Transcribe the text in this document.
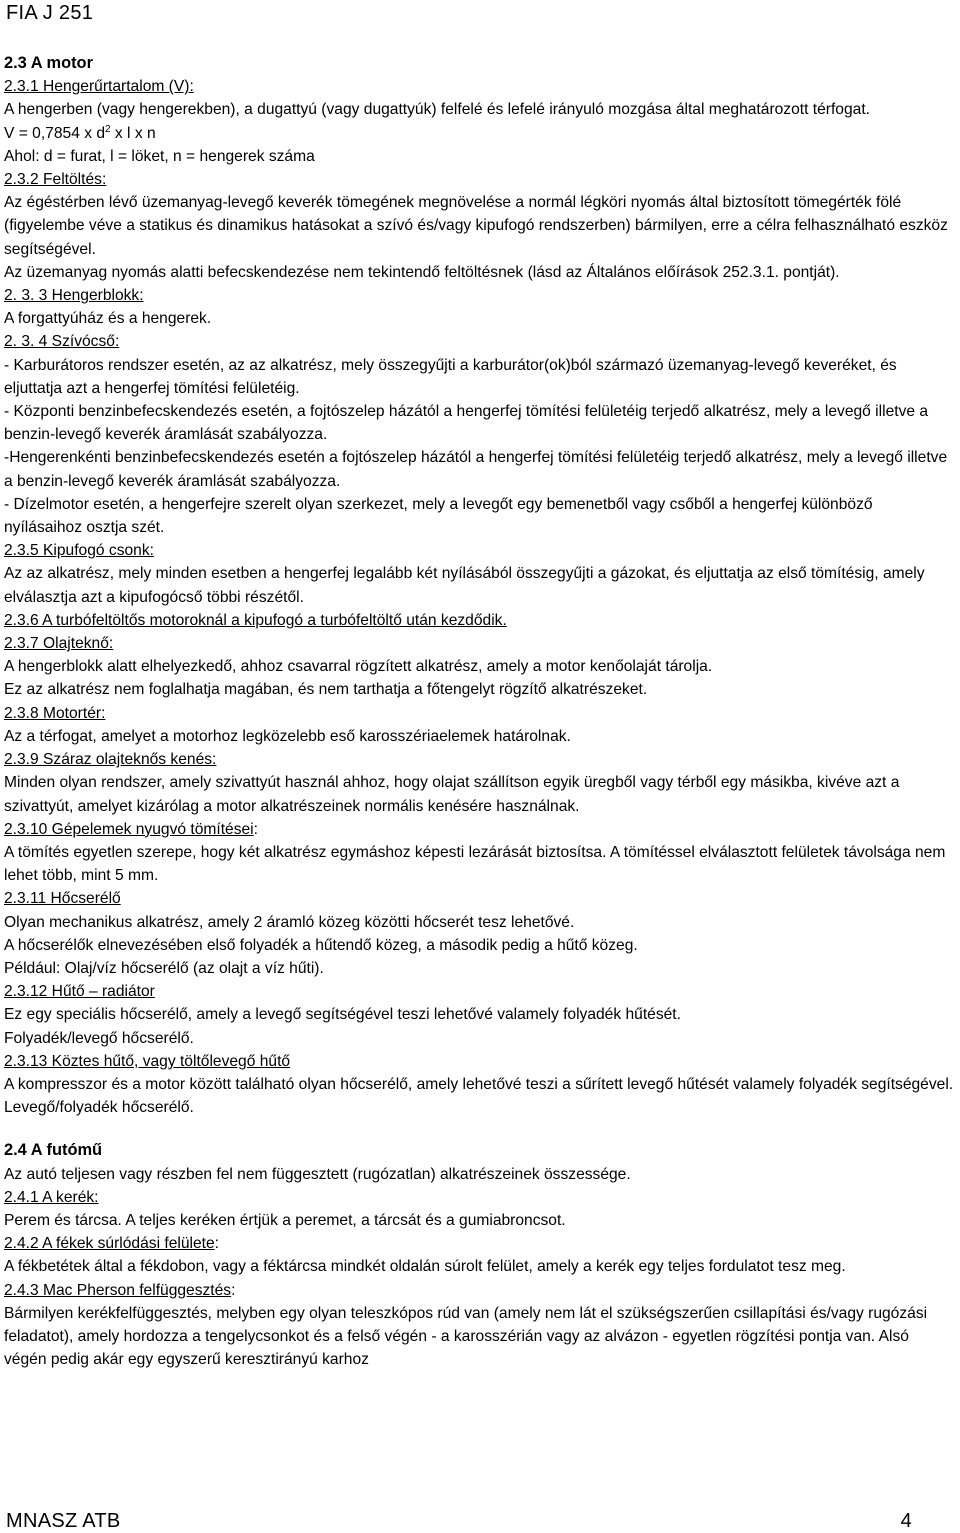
FIA J 251

2.3 A motor

2.3.1 Hengerűrtartalom (V):

A hengerben (vagy hengerekben), a dugattyú (vagy dugattyúk) felfelé és lefelé irányuló mozgása által meghatározott térfogat.

V = 0,7854 x $d^2$ x l x n

Ahol: d = furat, l = löket, n = hengerek száma

2.3.2 Feltöltés:

Az égéstérben lévő üzemanyag-levegő keverék tömegének megnövelése a normál légköri nyomás által biztosított tömegérték fölé (figyelembe véve a statikus és dinamikus hatásokat a szívó és/vagy kipufogó rendszerben) bármilyen, erre a célra felhasználható eszköz segítségével.

Az üzemanyag nyomás alatti befecskendezése nem tekintendő feltöltésnek (lásd az Általános előírások 252.3.1. pontját).

2. 3. 3 Hengerblokk:

A forgattyúház és a hengerek.

2. 3. 4 Szívócső:

- Karburátoros rendszer esetén, az az alkatrész, mely összegyűjti a karburátor(ok)ból származó üzemanyag-levegő keveréket, és eljuttatja azt a hengerfej tömítési felületéig.

- Központi benzinbefecskendezés esetén, a fojtószelep házától a hengerfej tömítési felületéig terjedő alkatrész, mely a levegő illetve a benzin-levegő keverék áramlását szabályozza.

-Hengerenkénti benzinbefecskendezés esetén a fojtószelep házától a hengerfej tömítési felületéig terjedő alkatrész, mely a levegő illetve a benzin-levegő keverék áramlását szabályozza.

- Dízelmotor esetén, a hengerfejre szerelt olyan szerkezet, mely a levegőt egy bemenetből vagy csőből a hengerfej különböző nyílásaihoz osztja szét.

2.3.5 Kipufogó csonk:

Az az alkatrész, mely minden esetben a hengerfej legalább két nyílásából összegyűjti a gázokat, és eljuttatja az első tömítésig, amely elválasztja azt a kipufogócső többi részétől.

2.3.6 A turbófeltöltős motoroknál a kipufogó a turbófeltöltő után kezdődik.

2.3.7 Olajteknő:

A hengerblokk alatt elhelyezkedő, ahhoz csavarral rögzített alkatrész, amely a motor kenőolaját tárolja.

Ez az alkatrész nem foglalhatja magában, és nem tarthatja a főtengelyt rögzítő alkatrészeket.

2.3.8 Motortér:

Az a térfogat, amelyet a motorhoz legközelebb eső karosszériaelemek határolnak.

2.3.9 Száraz olajteknős kenés:

Minden olyan rendszer, amely szivattyút használ ahhoz, hogy olajat szállítson egyik üregből vagy térből egy másikba, kivéve azt a szivattyút, amelyet kizárólag a motor alkatrészeinek normális kenésére használnak.

2.3.10 Gépelemek nyugvó tömítései:

A tömítés egyetlen szerepe, hogy két alkatrész egymáshoz képesti lezárását biztosítsa. A tömítéssel elválasztott felületek távolsága nem lehet több, mint 5 mm.

2.3.11 Hőcserélő

Olyan mechanikus alkatrész, amely 2 áramló közeg közötti hőcserét tesz lehetővé.

A hőcserélők elnevezésében első folyadék a hűtendő közeg, a második pedig a hűtő közeg.

Például: Olaj/víz hőcserélő (az olajt a víz hűti).

2.3.12 Hűtő – radiátor

Ez egy speciális hőcserélő, amely a levegő segítségével teszi lehetővé valamely folyadék hűtését.

Folyadék/levegő hőcserélő.

2.3.13 Köztes hűtő, vagy töltőlevegő hűtő

A kompresszor és a motor között található olyan hőcserélő, amely lehetővé teszi a sűrített levegő hűtését valamely folyadék segítségével.

Levegő/folyadék hőcserélő.

2.4 A futómű

Az autó teljesen vagy részben fel nem függesztett (rugózatlan) alkatrészeinek összessége.

2.4.1 A kerék:

Perem és tárcsa. A teljes keréken értjük a peremet, a tárcsát és a gumiabroncsot.

2.4.2 A fékek súrlódási felülete:

A fékbetétek által a fékdobon, vagy a féktárcsa mindkét oldalán súrolt felület, amely a kerék egy teljes fordulatot tesz meg.

2.4.3 Mac Pherson felfüggesztés:

Bármilyen kerékfelfüggesztés, melyben egy olyan teleszkópos rúd van (amely nem lát el szükségszerűen csillapítási és/vagy rugózási feladatot), amely hordozza a tengelycsonkot és a felső végén - a karosszérián vagy az alvázon - egyetlen rögzítési pontja van. Alsó végén pedig akár egy egyszerű keresztirányú karhoz

MNASZ ATB	4
